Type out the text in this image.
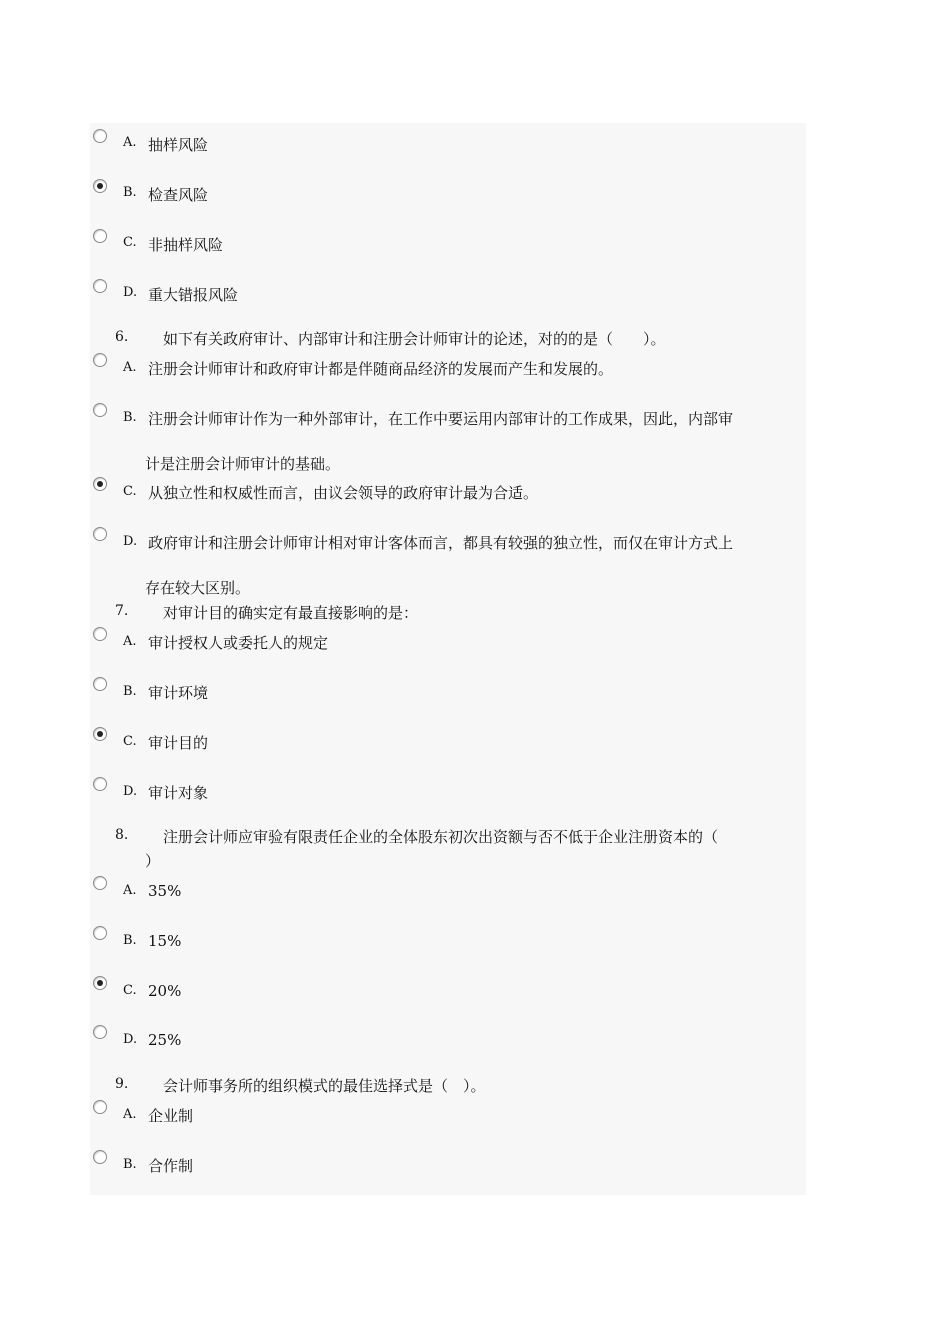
A. 抽样风险
B. 检查风险
C. 非抽样风险
D. 重大错报风险
6. 如下有关政府审计、内部审计和注册会计师审计的论述，对的的是（　　）。
A. 注册会计师审计和政府审计都是伴随商品经济的发展而产生和发展的。
B. 注册会计师审计作为一种外部审计，在工作中要运用内部审计的工作成果，因此，内部审
计是注册会计师审计的基础。
C. 从独立性和权威性而言，由议会领导的政府审计最为合适。
D. 政府审计和注册会计师审计相对审计客体而言，都具有较强的独立性，而仅在审计方式上
存在较大区别。
7. 对审计目的确实定有最直接影响的是：
A. 审计授权人或委托人的规定
B. 审计环境
C. 审计目的
D. 审计对象
8. 注册会计师应审验有限责任企业的全体股东初次出资额与否不低于企业注册资本的（
）
A. 35%
B. 15%
C. 20%
D. 25%
9. 会计师事务所的组织模式的最佳选择式是（　）。
A. 企业制
B. 合作制
